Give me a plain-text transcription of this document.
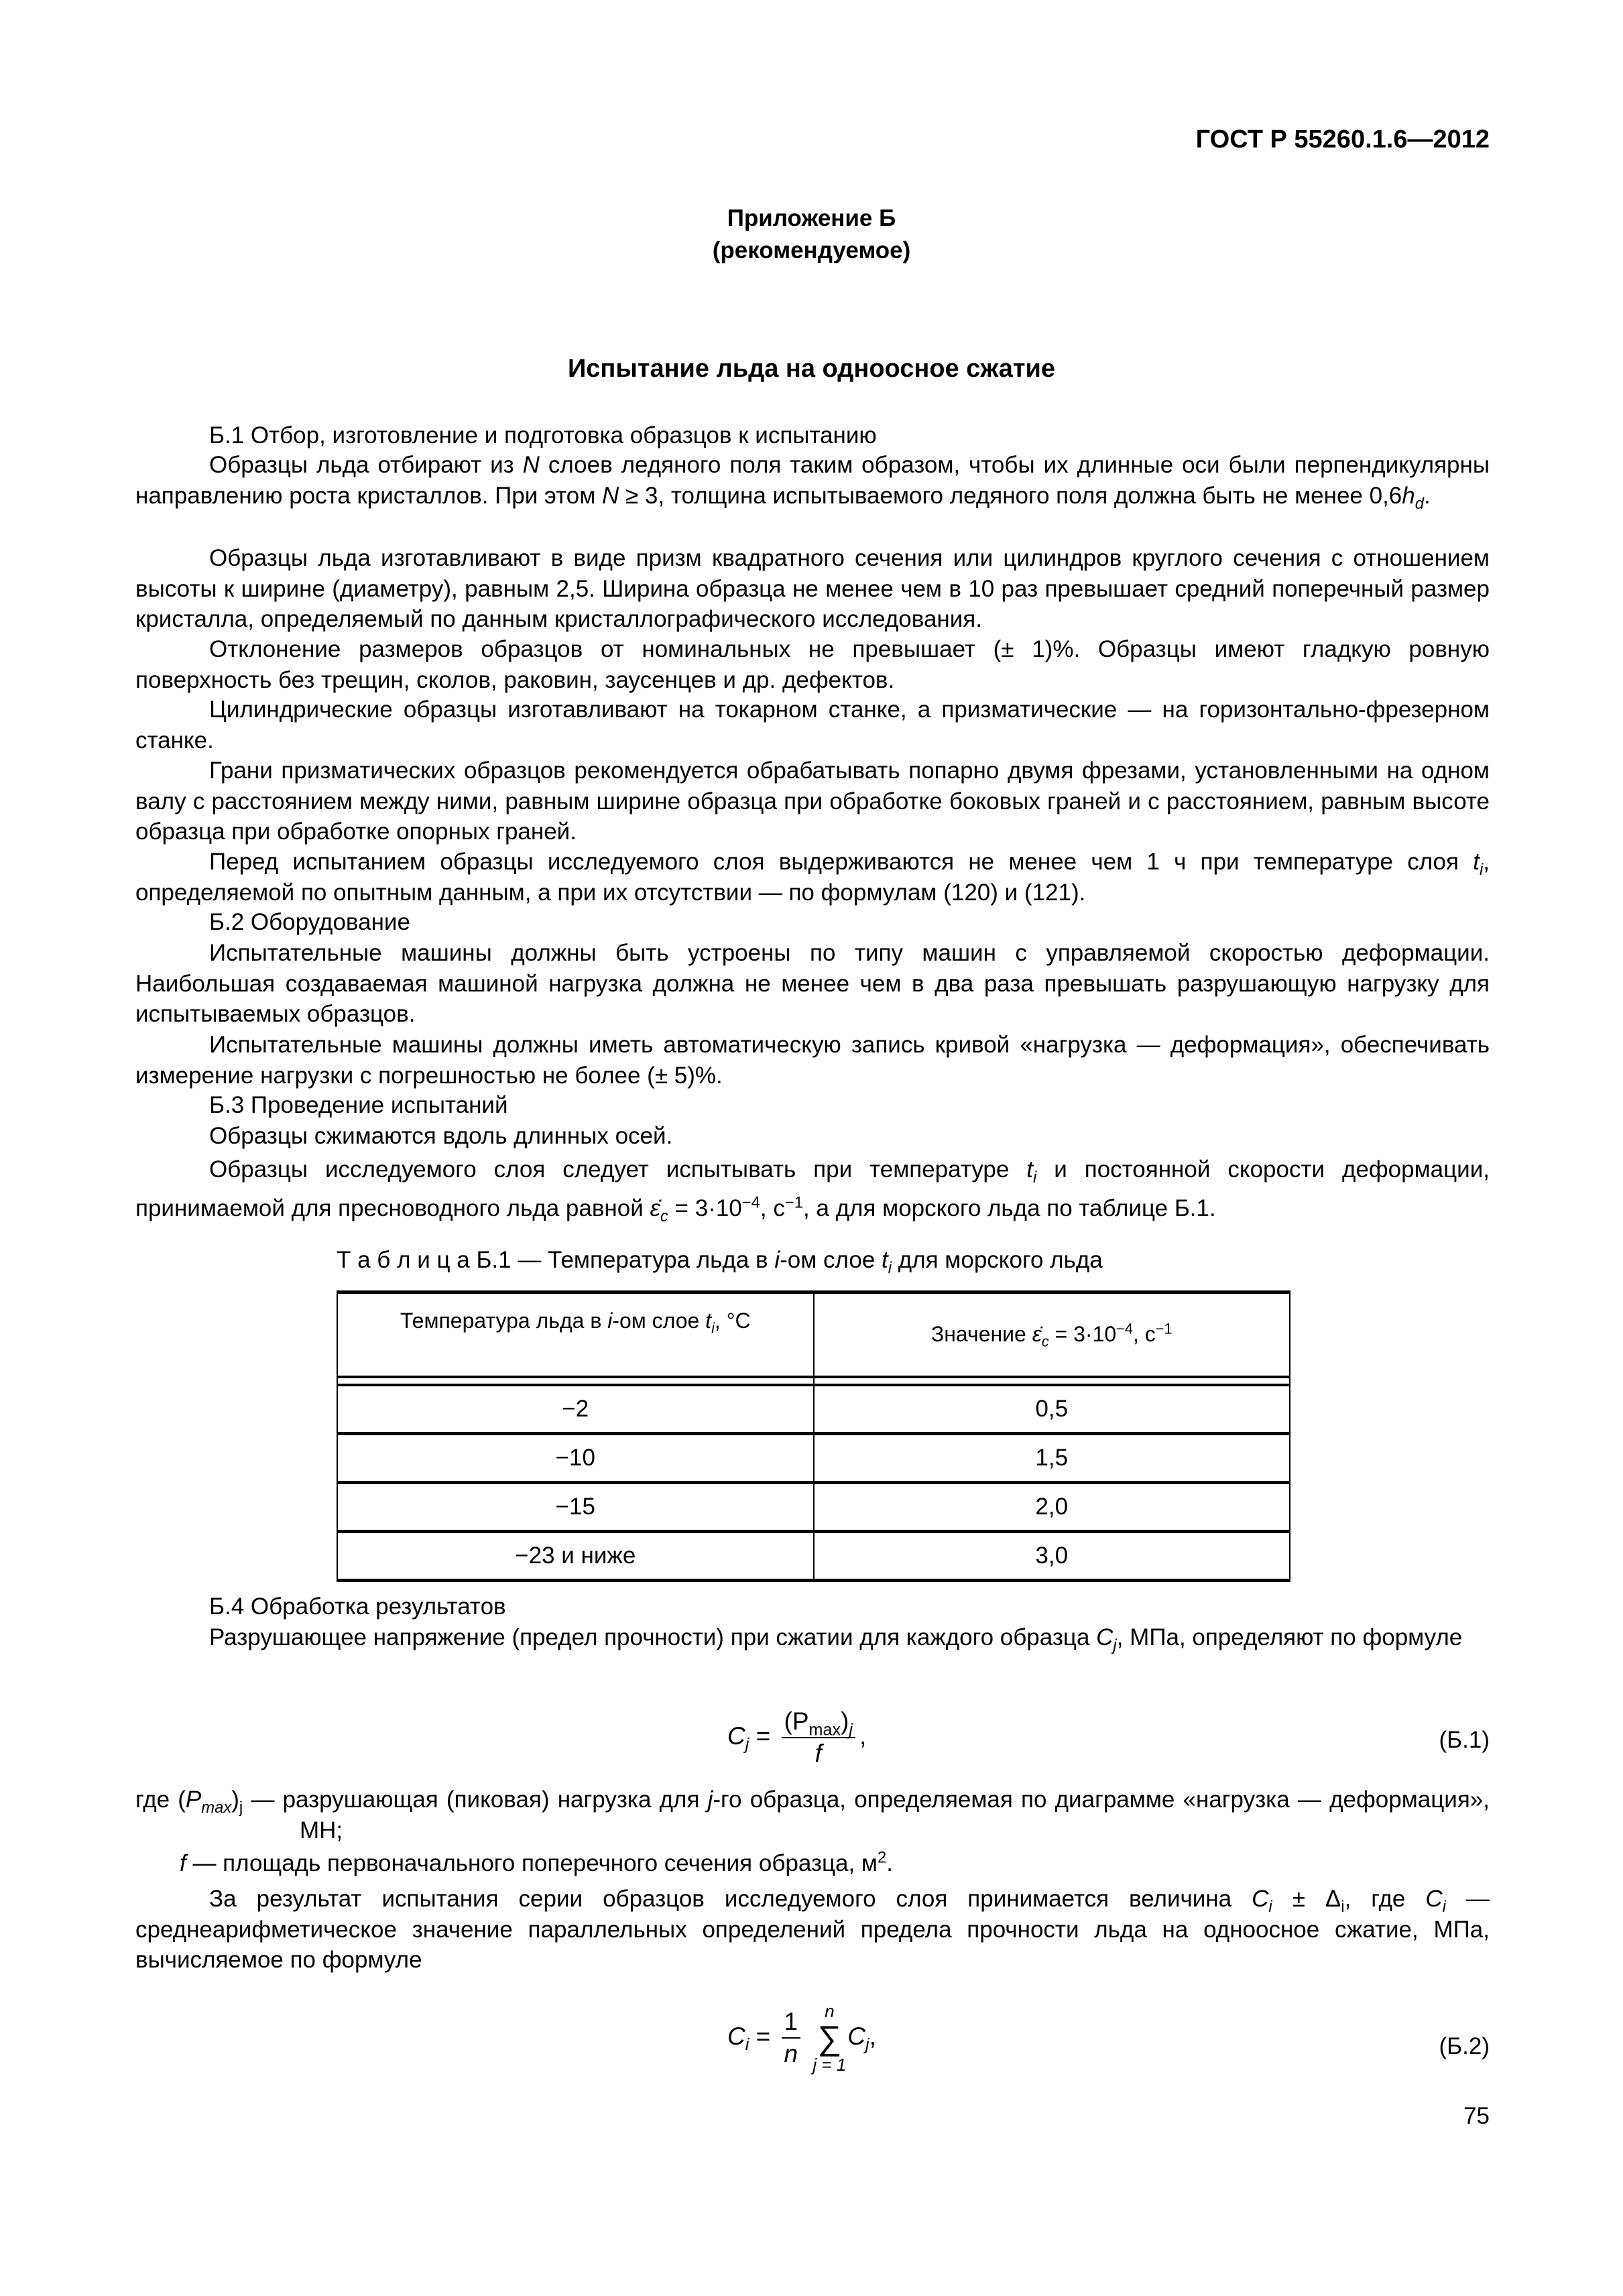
ГОСТ Р 55260.1.6—2012
Приложение Б
(рекомендуемое)
Испытание льда на одноосное сжатие
Б.1 Отбор, изготовление и подготовка образцов к испытанию
Образцы льда отбирают из N слоев ледяного поля таким образом, чтобы их длинные оси были перпендикулярны направлению роста кристаллов. При этом N ≥ 3, толщина испытываемого ледяного поля должна быть не менее $0,6h_d$.
Образцы льда изготавливают в виде призм квадратного сечения или цилиндров круглого сечения с отношением высоты к ширине (диаметру), равным 2,5. Ширина образца не менее чем в 10 раз превышает средний поперечный размер кристалла, определяемый по данным кристаллографического исследования.
Отклонение размеров образцов от номинальных не превышает (± 1)%. Образцы имеют гладкую ровную поверхность без трещин, сколов, раковин, заусенцев и др. дефектов.
Цилиндрические образцы изготавливают на токарном станке, а призматические — на горизонтально-фрезерном станке.
Грани призматических образцов рекомендуется обрабатывать попарно двумя фрезами, установленными на одном валу с расстоянием между ними, равным ширине образца при обработке боковых граней и с расстоянием, равным высоте образца при обработке опорных граней.
Перед испытанием образцы исследуемого слоя выдерживаются не менее чем 1 ч при температуре слоя $t_i$, определяемой по опытным данным, а при их отсутствии — по формулам (120) и (121).
Б.2 Оборудование
Испытательные машины должны быть устроены по типу машин с управляемой скоростью деформации. Наибольшая создаваемая машиной нагрузка должна не менее чем в два раза превышать разрушающую нагрузку для испытываемых образцов.
Испытательные машины должны иметь автоматическую запись кривой «нагрузка — деформация», обеспечивать измерение нагрузки с погрешностью не более (± 5)%.
Б.3 Проведение испытаний
Образцы сжимаются вдоль длинных осей.
Образцы исследуемого слоя следует испытывать при температуре $t_i$ и постоянной скорости деформации, принимаемой для пресноводного льда равной $\varepsiloṅ_c = 3\cdot 10^{-4}$, $с^{-1}$, а для морского льда по таблице Б.1.
Т а б л и ц а Б.1 — Температура льда в i-ом слое $t_i$ для морского льда
Температура льда в i-ом слое $t_i$, °С	Значение $\varepsiloṅ_c = 3\cdot 10^{-4}$, $с^{-1}$

−2	0,5
−10	1,5
−15	2,0
−23 и ниже	3,0
Б.4 Обработка результатов
Разрушающее напряжение (предел прочности) при сжатии для каждого образца $C_j$, МПа, определяют по формуле
$C_j = \frac{(P_{max})_j}{f}$ ,	(Б.1)
где $(P_{max})_j$ — разрушающая (пиковая) нагрузка для j-го образца, определяемая по диаграмме «нагрузка — деформация», МН;
f — площадь первоначального поперечного сечения образца, $м^2$.
За результат испытания серии образцов исследуемого слоя принимается величина $C_i \pm \Delta_i$, где $C_i$ — среднеарифметическое значение параллельных определений предела прочности льда на одноосное сжатие, МПа, вычисляемое по формуле
$C_i = \frac{1}{n}$
	n
∑
j = 1
$C_j$,	(Б.2)
75
